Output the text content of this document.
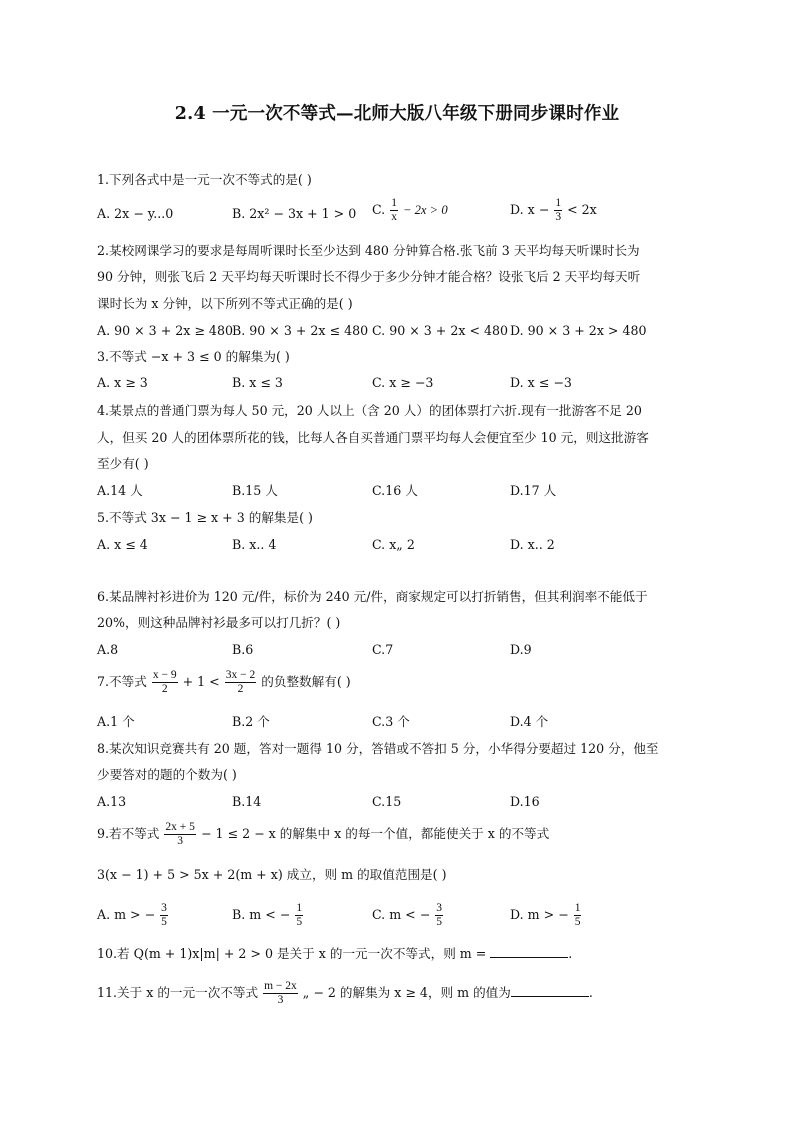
2.4 一元一次不等式—北师大版八年级下册同步课时作业
1.下列各式中是一元一次不等式的是( )
A. 2x − y...0	B. 2x² − 3x + 1 > 0 C. $\frac{1}{x} - 2x > 0$	D. $x - \frac{1}{3} < 2x$
2.某校网课学习的要求是每周听课时长至少达到 480 分钟算合格.张飞前 3 天平均每天听课时长为
90 分钟，则张飞后 2 天平均每天听课时长不得少于多少分钟才能合格？设张飞后 2 天平均每天听
课时长为 x 分钟，以下所列不等式正确的是( )
A. 90 × 3 + 2x ≥ 480 B. 90 × 3 + 2x ≤ 480 C. 90 × 3 + 2x < 480 D. 90 × 3 + 2x > 480
3.不等式 −x + 3 ≤ 0 的解集为( )
A. x ≥ 3	B. x ≤ 3	C. x ≥ −3	D. x ≤ −3
4.某景点的普通门票为每人 50 元，20 人以上（含 20 人）的团体票打六折.现有一批游客不足 20
人，但买 20 人的团体票所花的钱，比每人各自买普通门票平均每人会便宜至少 10 元，则这批游客
至少有( )
A.14 人	B.15 人	C.16 人	D.17 人
5.不等式 3x − 1 ≥ x + 3 的解集是( )
A. x ≤ 4	B. x.. 4	C. x„ 2	D. x.. 2
6.某品牌衬衫进价为 120 元/件，标价为 240 元/件，商家规定可以打折销售，但其利润率不能低于
20%，则这种品牌衬衫最多可以打几折？( )
A.8	B.6	C.7	D.9
7.不等式 $\frac{x - 9}{2} + 1 < \frac{3x - 2}{2}$ 的负整数解有( )
A.1 个	B.2 个	C.3 个	D.4 个
8.某次知识竞赛共有 20 题，答对一题得 10 分，答错或不答扣 5 分，小华得分要超过 120 分，他至
少要答对的题的个数为( )
A.13	B.14	C.15	D.16
9.若不等式 $\frac{2x + 5}{3} - 1 \le 2 - x$ 的解集中 x 的每一个值，都能使关于 x 的不等式
3(x − 1) + 5 > 5x + 2(m + x) 成立，则 m 的取值范围是( )
A. m > − $\frac{3}{5}$	B. m < − $\frac{1}{5}$	C. m < − $\frac{3}{5}$	D. m > − $\frac{1}{5}$
10.若 Q(m + 1)x|m| + 2 > 0 是关于 x 的一元一次不等式，则 m =	.
11.关于 x 的一元一次不等式 $\frac{m - 2x}{3}$ „ − 2 的解集为 x ≥ 4，则 m 的值为	.
